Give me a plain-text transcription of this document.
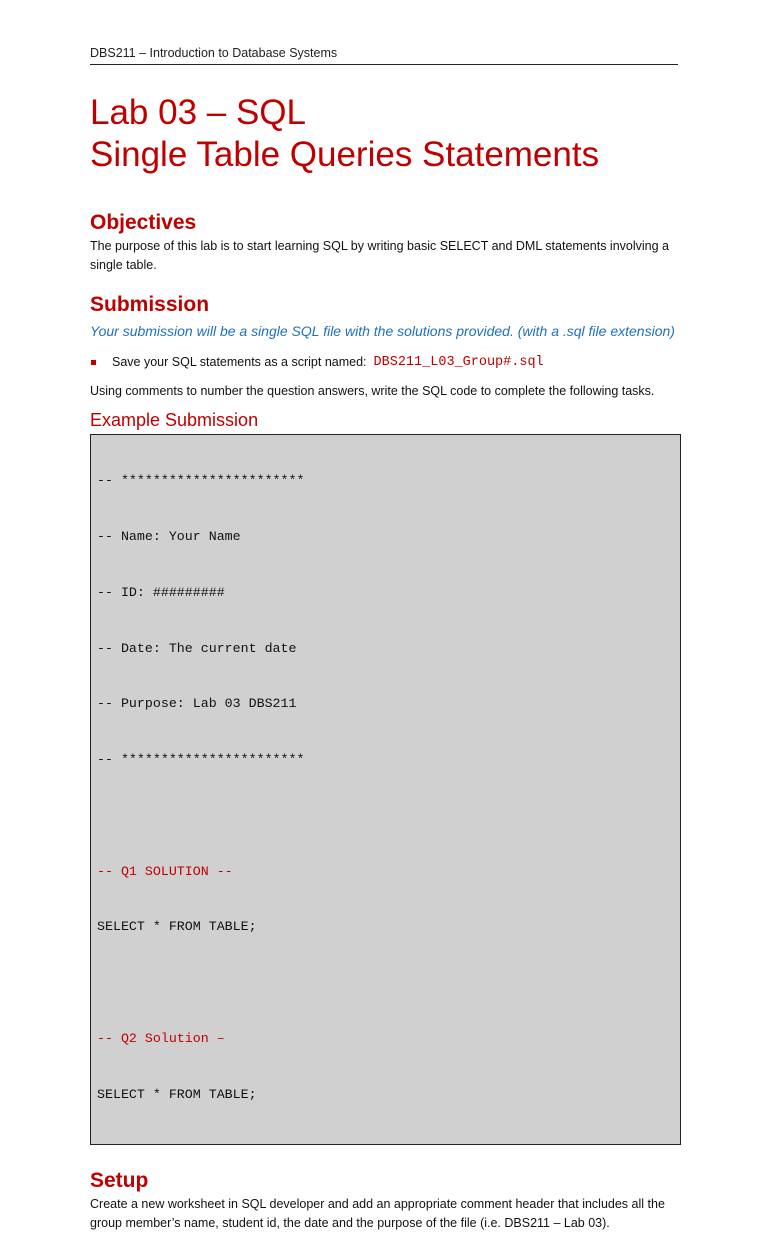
DBS211 – Introduction to Database Systems
Lab 03 – SQL
Single Table Queries Statements
Objectives

The purpose of this lab is to start learning SQL by writing basic SELECT and DML statements involving a single table.

Submission

Your submission will be a single SQL file with the solutions provided. (with a .sql file extension)

Save your SQL statements as a script named: DBS211_L03_Group#.sql

Using comments to number the question answers, write the SQL code to complete the following tasks.

Example Submission

-- ***********************

-- Name: Your Name

-- ID: #########

-- Date: The current date

-- Purpose: Lab 03 DBS211

-- ***********************

-- Q1 SOLUTION --

SELECT * FROM TABLE;

-- Q2 Solution –

SELECT * FROM TABLE;

Setup

Create a new worksheet in SQL developer and add an appropriate comment header that includes all the group member’s name, student id, the date and the purpose of the file (i.e. DBS211 – Lab 03).
